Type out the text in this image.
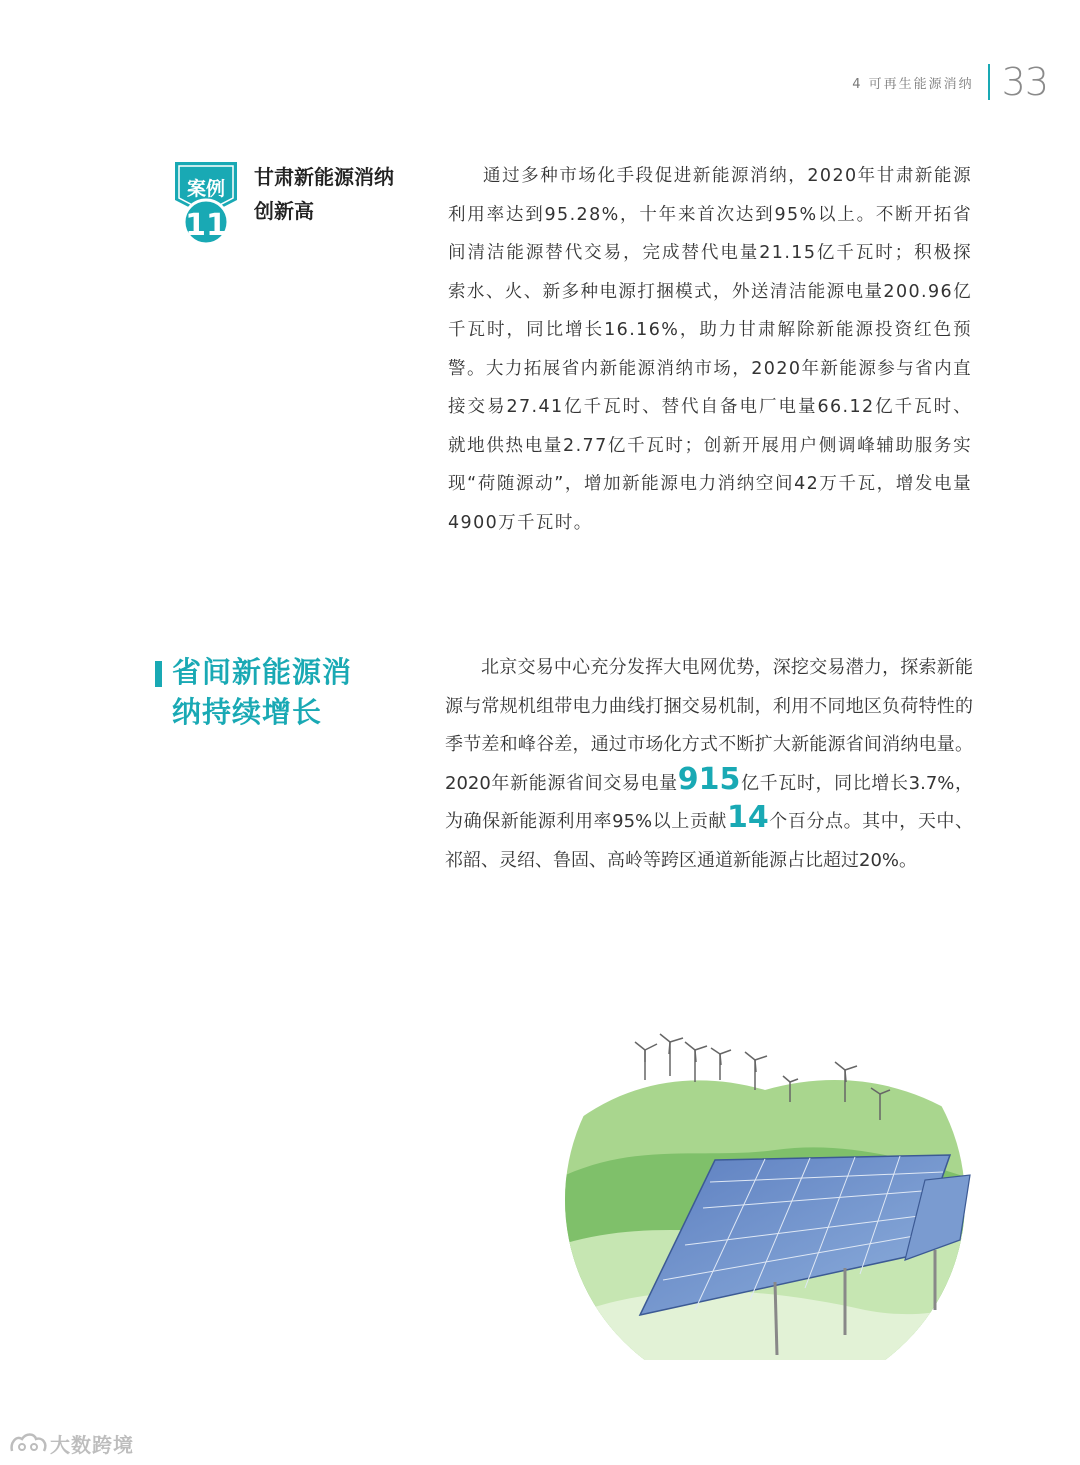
4 可再生能源消纳 33
案例
11
甘肃新能源消纳
创新高

通过多种市场化手段促进新能源消纳，2020年甘肃新能源利用率达到95.28%，十年来首次达到95%以上。不断开拓省间清洁能源替代交易，完成替代电量21.15亿千瓦时；积极探索水、火、新多种电源打捆模式，外送清洁能源电量200.96亿千瓦时，同比增长16.16%，助力甘肃解除新能源投资红色预警。大力拓展省内新能源消纳市场，2020年新能源参与省内直接交易27.41亿千瓦时、替代自备电厂电量66.12亿千瓦时、就地供热电量2.77亿千瓦时；创新开展用户侧调峰辅助服务实现“荷随源动”，增加新能源电力消纳空间42万千瓦，增发电量4900万千瓦时。

省间新能源消
纳持续增长

北京交易中心充分发挥大电网优势，深挖交易潜力，探索新能源与常规机组带电力曲线打捆交易机制，利用不同地区负荷特性的季节差和峰谷差，通过市场化方式不断扩大新能源省间消纳电量。2020年新能源省间交易电量915亿千瓦时，同比增长3.7%，为确保新能源利用率95%以上贡献14个百分点。其中，天中、祁韶、灵绍、鲁固、高岭等跨区通道新能源占比超过20%。

大数跨境
